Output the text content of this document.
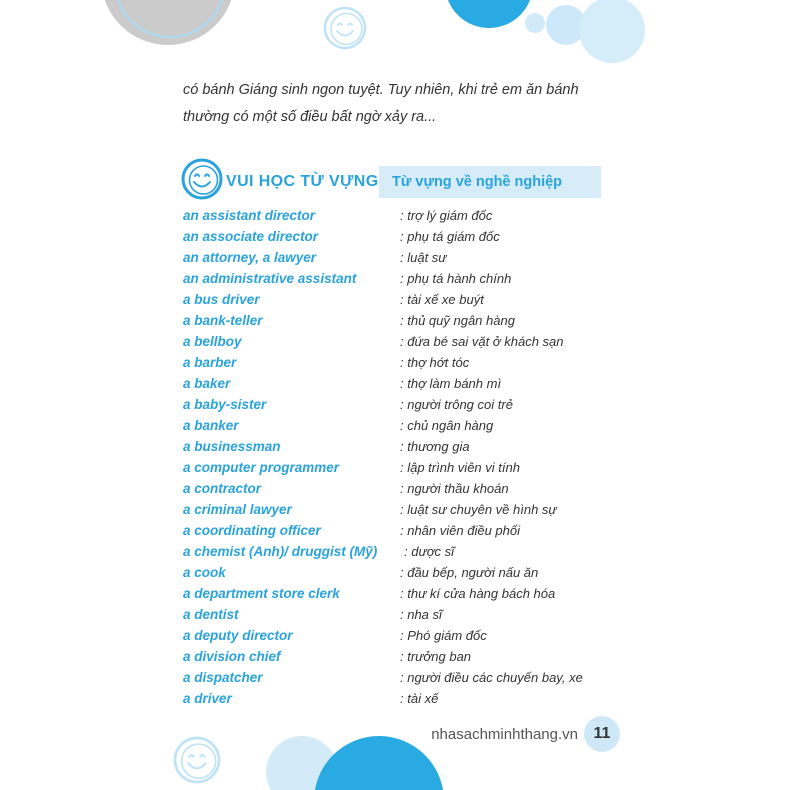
có bánh Giáng sinh ngon tuyệt. Tuy nhiên, khi trẻ em ăn bánh
thường có một số điều bất ngờ xảy ra...
VUI HỌC TỪ VỰNG Từ vựng về nghề nghiệp
an assistant director	: trợ lý giám đốc
an associate director	: phụ tá giám đốc
an attorney, a lawyer	: luật sư
an administrative assistant	: phụ tá hành chính
a bus driver	: tài xế xe buýt
a bank-teller	: thủ quỹ ngân hàng
a bellboy	: đứa bé sai vặt ở khách sạn
a barber	: thợ hớt tóc
a baker	: thợ làm bánh mì
a baby-sister	: người trông coi trẻ
a banker	: chủ ngân hàng
a businessman	: thương gia
a computer programmer	: lập trình viên vi tính
a contractor	: người thầu khoán
a criminal lawyer	: luật sư chuyên về hình sự
a coordinating officer	: nhân viên điều phối
a chemist (Anh)/ druggist (Mỹ) : dược sĩ
a cook	: đầu bếp, người nấu ăn
a department store clerk	: thư kí cửa hàng bách hóa
a dentist	: nha sĩ
a deputy director	: Phó giám đốc
a division chief	: trưởng ban
a dispatcher	: người điều các chuyến bay, xe
a driver	: tài xế
nhasachminhthang.vn 11
